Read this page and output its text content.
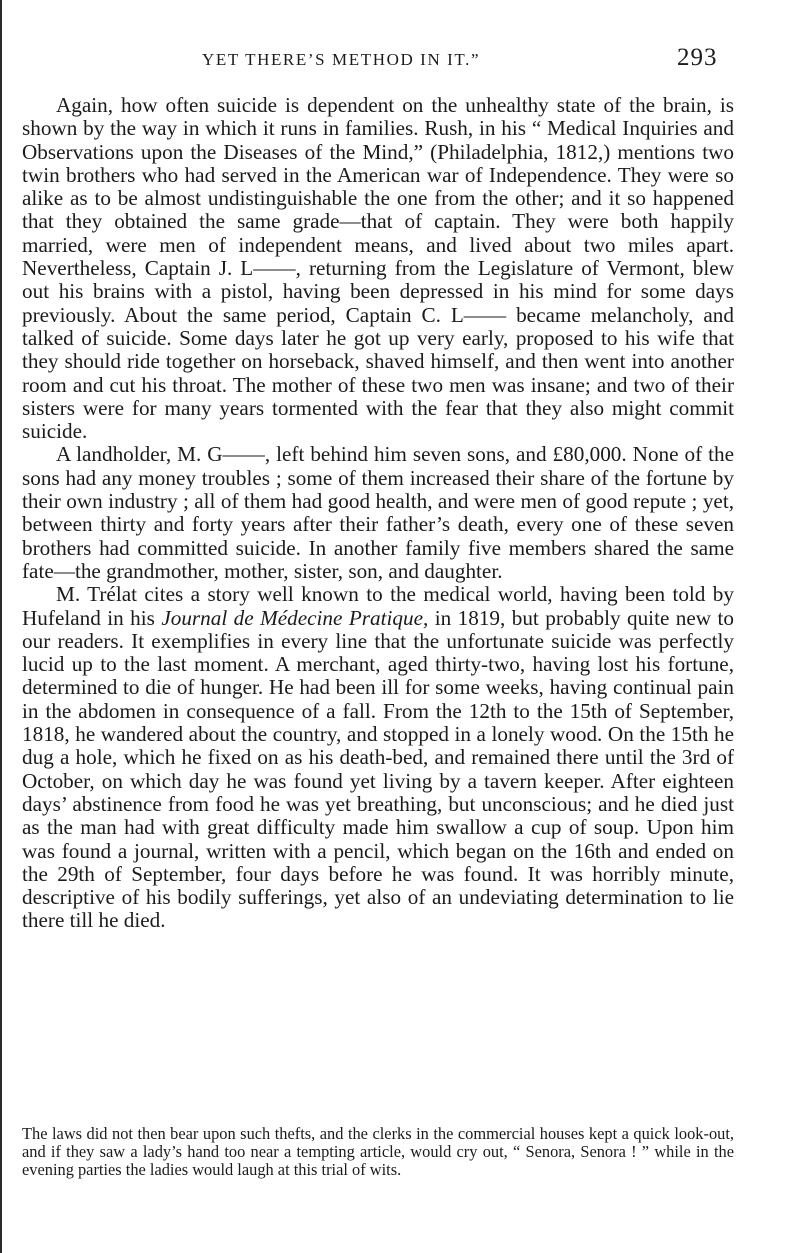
YET THERE’S METHOD IN IT.”	293

Again, how often suicide is dependent on the unhealthy state of the brain, is shown by the way in which it runs in families. Rush, in his “ Medical Inquiries and Observations upon the Diseases of the Mind,” (Philadelphia, 1812,) mentions two twin brothers who had served in the American war of Independence. They were so alike as to be almost undistinguishable the one from the other; and it so happened that they obtained the same grade—that of captain. They were both happily married, were men of independent means, and lived about two miles apart. Nevertheless, Captain J. L——, returning from the Legislature of Vermont, blew out his brains with a pistol, having been depressed in his mind for some days previously. About the same period, Captain C. L—— became melancholy, and talked of suicide. Some days later he got up very early, proposed to his wife that they should ride together on horseback, shaved himself, and then went into another room and cut his throat. The mother of these two men was insane; and two of their sisters were for many years tormented with the fear that they also might commit suicide.

A landholder, M. G——, left behind him seven sons, and £80,000. None of the sons had any money troubles ; some of them increased their share of the fortune by their own industry ; all of them had good health, and were men of good repute ; yet, between thirty and forty years after their father’s death, every one of these seven brothers had committed suicide. In another family five members shared the same fate—the grandmother, mother, sister, son, and daughter.

M. Trélat cites a story well known to the medical world, having been told by Hufeland in his Journal de Médecine Pratique, in 1819, but probably quite new to our readers. It exemplifies in every line that the unfortunate suicide was perfectly lucid up to the last moment. A merchant, aged thirty-two, having lost his fortune, determined to die of hunger. He had been ill for some weeks, having continual pain in the abdomen in consequence of a fall. From the 12th to the 15th of September, 1818, he wandered about the country, and stopped in a lonely wood. On the 15th he dug a hole, which he fixed on as his death-bed, and remained there until the 3rd of October, on which day he was found yet living by a tavern keeper. After eighteen days’ abstinence from food he was yet breathing, but unconscious; and he died just as the man had with great difficulty made him swallow a cup of soup. Upon him was found a journal, written with a pencil, which began on the 16th and ended on the 29th of September, four days before he was found. It was horribly minute, descriptive of his bodily sufferings, yet also of an undeviating determination to lie there till he died.

The laws did not then bear upon such thefts, and the clerks in the commercial houses kept a quick look-out, and if they saw a lady’s hand too near a tempting article, would cry out, “ Senora, Senora ! ” while in the evening parties the ladies would laugh at this trial of wits.
